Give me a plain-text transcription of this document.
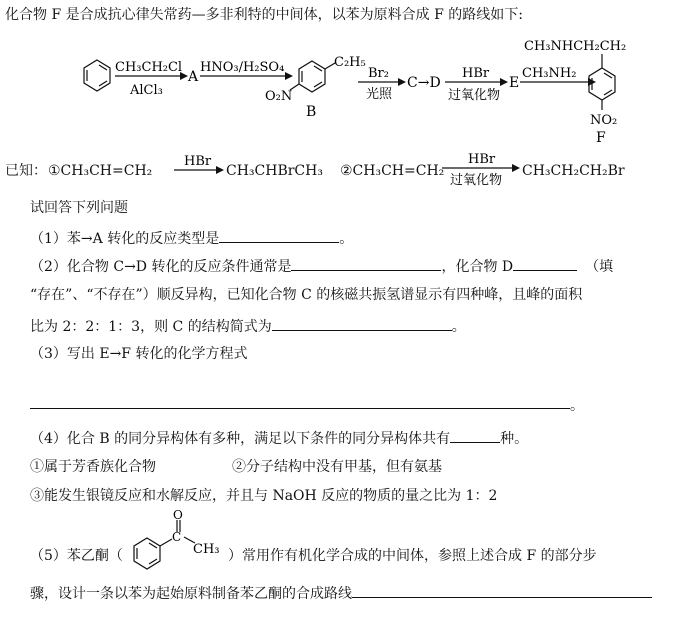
化合物 F 是合成抗心律失常药—多非利特的中间体，以苯为原料合成 F 的路线如下:
CH₃CH₂Cl
AlCl₃
A
HNO₃/H₂SO₄	C₂H₅
O₂N
B
Br₂
光照
C→D
HBr
过氧化物
E
CH₃NH₂
CH₃NHCH₂CH₂
NO₂
F
已知： ①CH₃CH=CH₂
HBr
CH₃CHBrCH₃ ②CH₃CH=CH₂
HBr
过氧化物
CH₃CH₂CH₂Br
试回答下列问题
（1）苯→A 转化的反应类型是	。
（2）化合物 C→D 转化的反应条件通常是	，化合物 D	（填
“存在”、“不存在”）顺反异构，已知化合物 C 的核磁共振氢谱显示有四种峰，且峰的面积
比为 2：2：1：3，则 C 的结构简式为	。
（3）写出 E→F 转化的化学方程式
。
（4）化合 B 的同分异构体有多种，满足以下条件的同分异构体共有	种。
①属于芳香族化合物	②分子结构中没有甲基，但有氨基
③能发生银镜反应和水解反应，并且与 NaOH 反应的物质的量之比为 1：2
（5）苯乙酮（
O
C
CH₃ ）常用作有机化学合成的中间体，参照上述合成 F 的部分步
骤，设计一条以苯为起始原料制备苯乙酮的合成路线
